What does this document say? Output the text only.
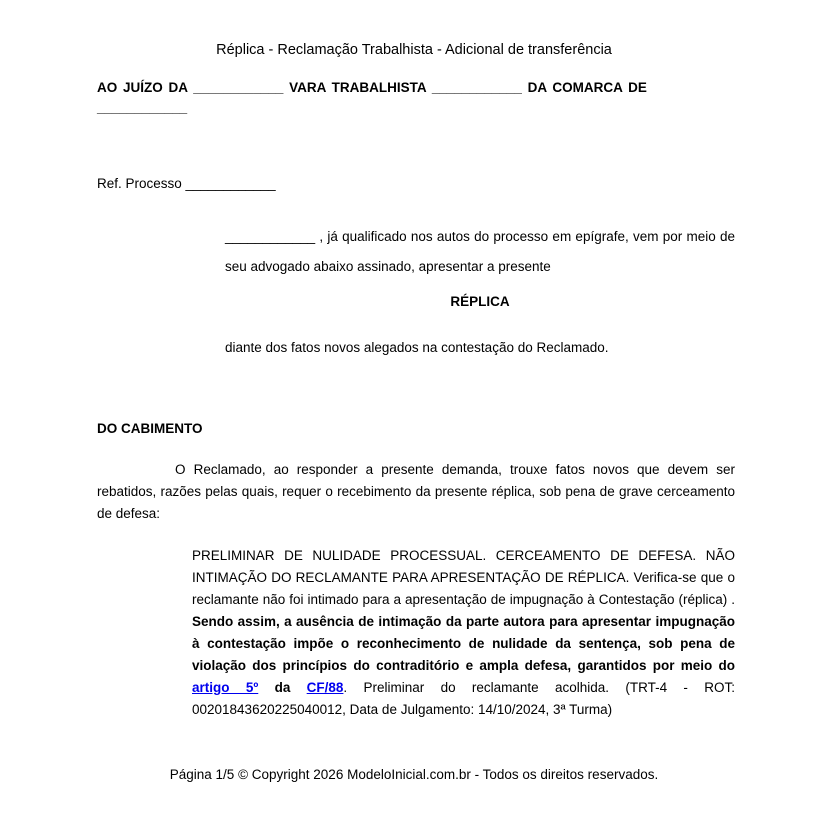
Réplica - Reclamação Trabalhista - Adicional de transferência
AO JUÍZO DA ____________ VARA TRABALHISTA ____________ DA COMARCA DE ____________
Ref. Processo ____________
____________ , já qualificado nos autos do processo em epígrafe, vem por meio de seu advogado abaixo assinado, apresentar a presente
RÉPLICA
diante dos fatos novos alegados na contestação do Reclamado.
DO CABIMENTO
O Reclamado, ao responder a presente demanda, trouxe fatos novos que devem ser rebatidos, razões pelas quais, requer o recebimento da presente réplica, sob pena de grave cerceamento de defesa:

PRELIMINAR DE NULIDADE PROCESSUAL. CERCEAMENTO DE DEFESA. NÃO INTIMAÇÃO DO RECLAMANTE PARA APRESENTAÇÃO DE RÉPLICA. Verifica-se que o reclamante não foi intimado para a apresentação de impugnação à Contestação (réplica) . Sendo assim, a ausência de intimação da parte autora para apresentar impugnação à contestação impõe o reconhecimento de nulidade da sentença, sob pena de violação dos princípios do contraditório e ampla defesa, garantidos por meio do artigo 5º da CF/88. Preliminar do reclamante acolhida. (TRT-4 - ROT: 00201843620225040012, Data de Julgamento: 14/10/2024, 3ª Turma)

Página 1/5 © Copyright 2026 ModeloInicial.com.br - Todos os direitos reservados.
